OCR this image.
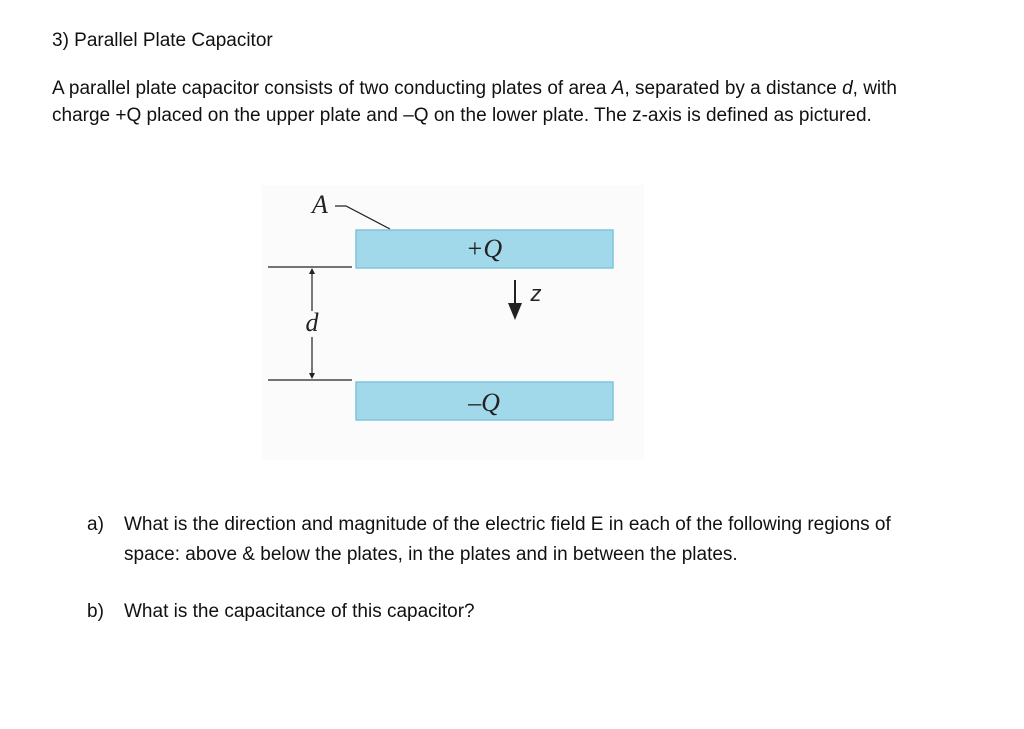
3) Parallel Plate Capacitor

A parallel plate capacitor consists of two conducting plates of area A, separated by a distance d, with

charge +Q placed on the upper plate and –Q on the lower plate. The z-axis is defined as pictured.

A
+Q
z
d
–Q
a) What is the direction and magnitude of the electric field E in each of the following regions of
space: above & below the plates, in the plates and in between the plates.
b) What is the capacitance of this capacitor?
